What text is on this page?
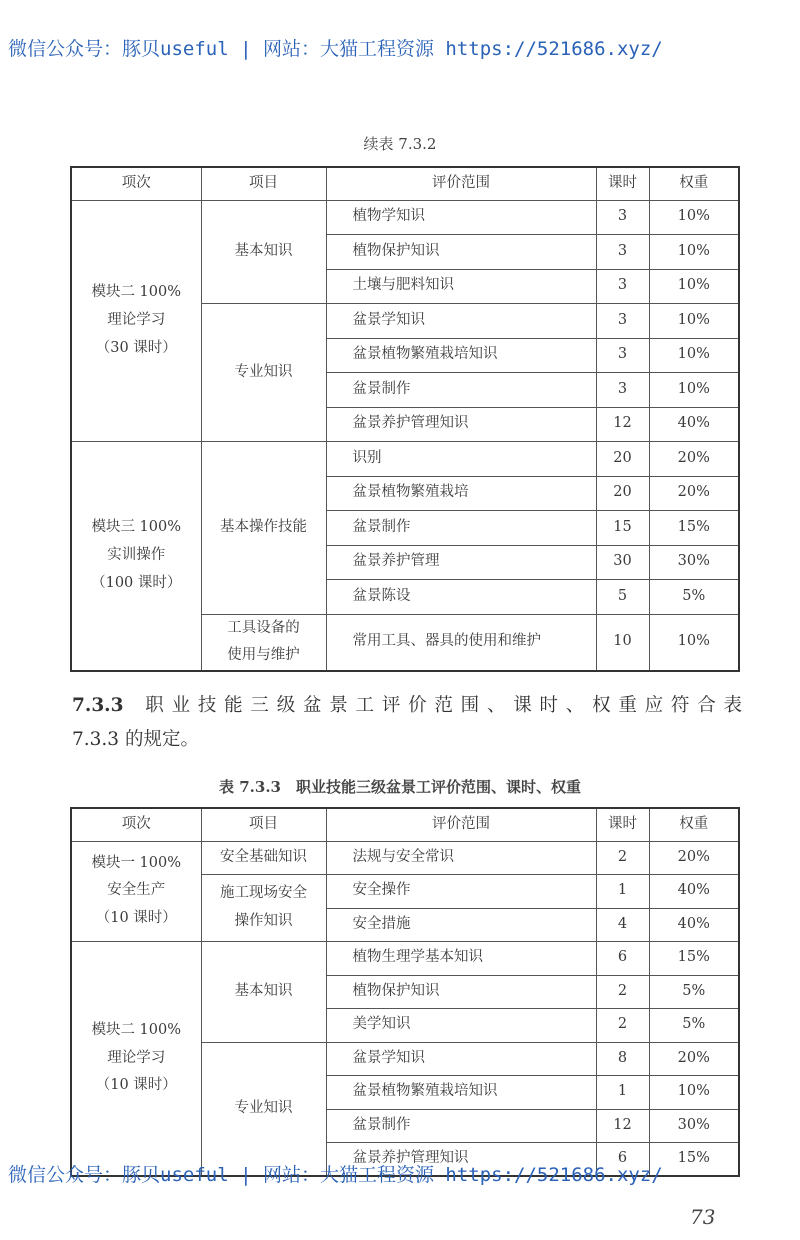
微信公众号：豚贝useful | 网站：大猫工程资源 https://521686.xyz/
续表 7.3.2
项次	项目	评价范围	课时	权重

模块二 100%
理论学习
（30 课时）	基本知识	植物学知识	3	10%
		植物保护知识	3	10%
		土壤与肥料知识	3	10%

	专业知识	盆景学知识	3	10%
		盆景植物繁殖栽培知识	3	10%
		盆景制作	3	10%
		盆景养护管理知识	12	40%

模块三 100%
实训操作
（100 课时）	基本操作技能	识别	20	20%
		盆景植物繁殖栽培	20	20%
		盆景制作	15	15%
		盆景养护管理	30	30%
		盆景陈设	5	5%

	工具设备的
使用与维护	常用工具、器具的使用和维护	10	10%
7.3.3 职业技能三级盆景工评价范围、课时、权重应符合表
7.3.3 的规定。
表 7.3.3　职业技能三级盆景工评价范围、课时、权重
项次	项目	评价范围	课时	权重

模块一 100%
安全生产
（10 课时）	安全基础知识	法规与安全常识	2	20%

	施工现场安全
操作知识	安全操作	1	40%
		安全措施	4	40%

模块二 100%
理论学习
（10 课时）	基本知识	植物生理学基本知识	6	15%
		植物保护知识	2	5%
		美学知识	2	5%

	专业知识	盆景学知识	8	20%
		盆景植物繁殖栽培知识	1	10%
		盆景制作	12	30%
		盆景养护管理知识	6	15%
微信公众号：豚贝useful | 网站：大猫工程资源 https://521686.xyz/
73
